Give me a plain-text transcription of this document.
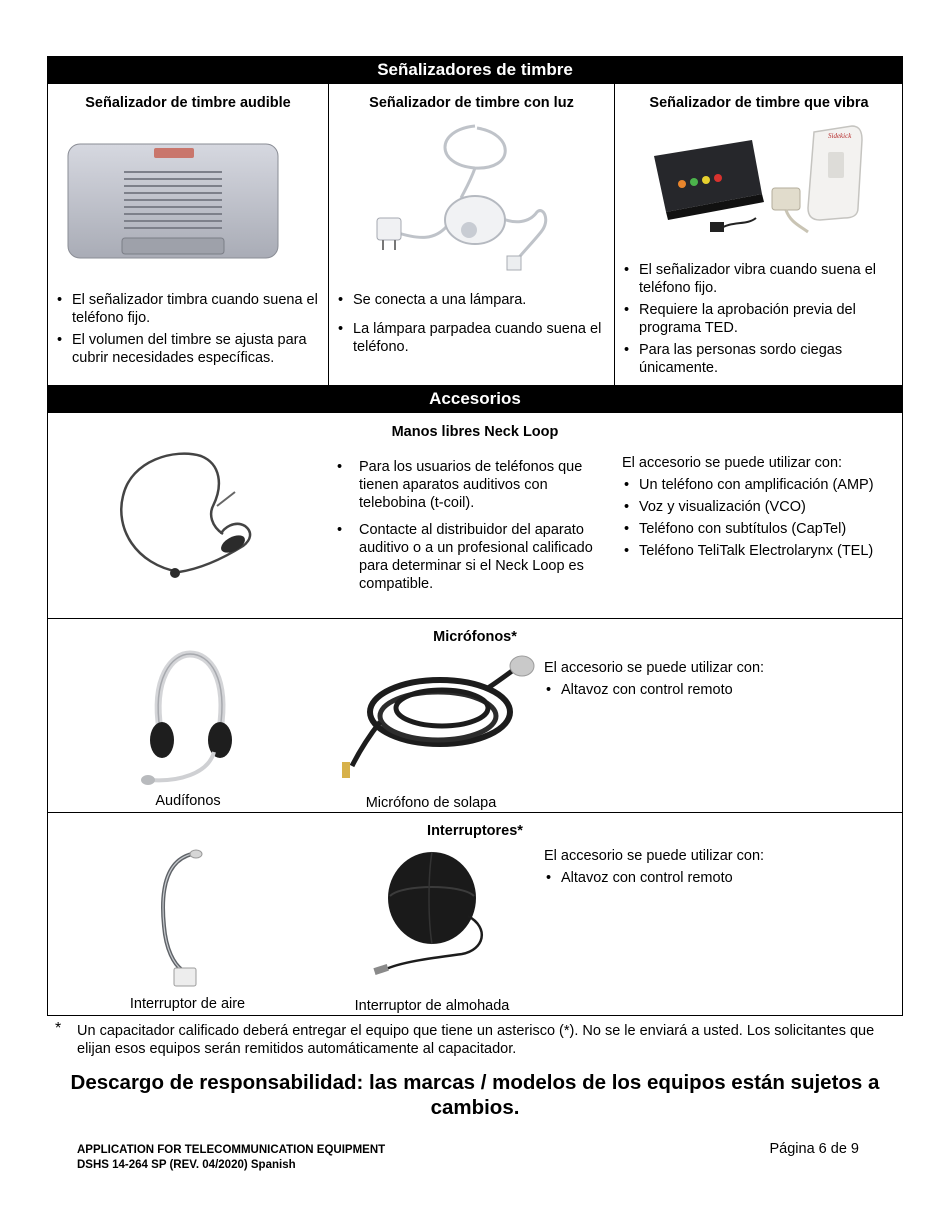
Señalizadores de timbre
Accesorios
Señalizador de timbre audible
• El señalizador timbra cuando suena el teléfono fijo.
• El volumen del timbre se ajusta para cubrir necesidades específicas.
Señalizador de timbre con luz
• Se conecta a una lámpara.
• La lámpara parpadea cuando suena el teléfono.
Señalizador de timbre que vibra
Sidekick
• El señalizador vibra cuando suena el teléfono fijo.
• Requiere la aprobación previa del programa TED.
• Para las personas sordo ciegas únicamente.
Manos libres Neck Loop
• Para los usuarios de teléfonos que tienen aparatos auditivos con telebobina (t-coil).
• Contacte al distribuidor del aparato auditivo o a un profesional calificado para determinar si el Neck Loop es compatible.
El accesorio se puede utilizar con:
• Un teléfono con amplificación (AMP)
• Voz y visualización (VCO)
• Teléfono con subtítulos (CapTel)
• Teléfono TeliTalk Electrolarynx (TEL)
Micrófonos*
Audífonos	Micrófono de solapa
El accesorio se puede utilizar con:
• Altavoz con control remoto
Interruptores*
Interruptor de aire	Interruptor de almohada
El accesorio se puede utilizar con:
• Altavoz con control remoto
* Un capacitador calificado deberá entregar el equipo que tiene un asterisco (*). No se le enviará a usted. Los solicitantes que elijan esos equipos serán remitidos automáticamente al capacitador.
Descargo de responsabilidad: las marcas / modelos de los equipos están sujetos a cambios.
APPLICATION FOR TELECOMMUNICATION EQUIPMENT
DSHS 14-264 SP (REV. 04/2020) Spanish
Página 6 de 9
